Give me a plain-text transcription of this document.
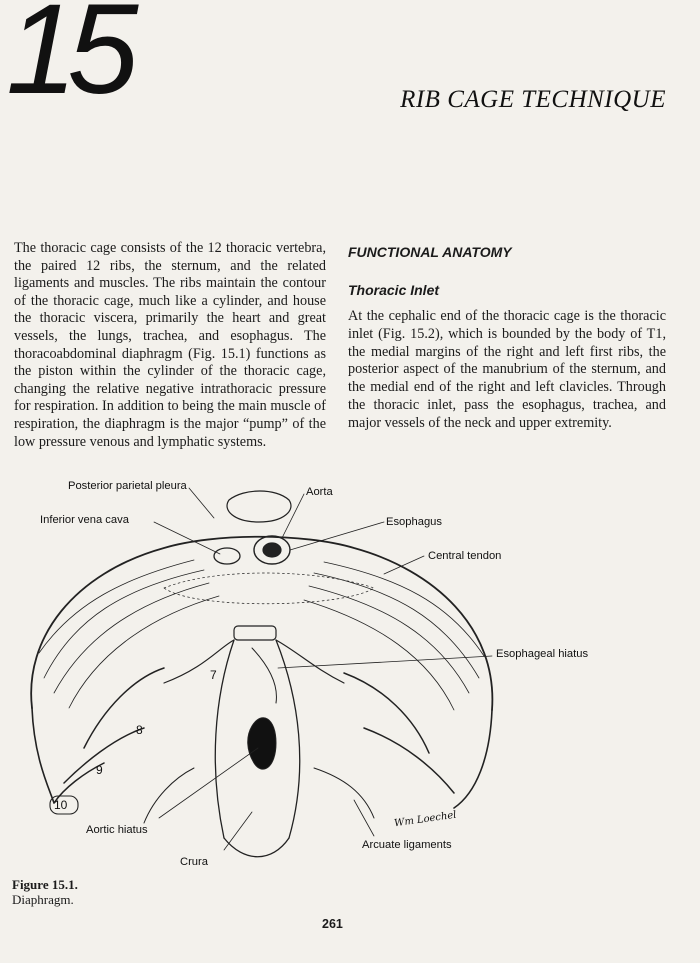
15	RIB CAGE TECHNIQUE
The thoracic cage consists of the 12 thoracic vertebra, the paired 12 ribs, the sternum, and the related ligaments and muscles. The ribs maintain the contour of the thoracic cage, much like a cylinder, and house the thoracic viscera, primarily the heart and great vessels, the lungs, trachea, and esophagus. The thoracoabdominal diaphragm (Fig. 15.1) functions as the piston within the cylinder of the thoracic cage, changing the relative negative intrathoracic pressure for respiration. In addition to being the main muscle of respiration, the diaphragm is the major “pump” of the low pressure venous and lymphatic systems.
FUNCTIONAL ANATOMY
Thoracic Inlet

At the cephalic end of the thoracic cage is the thoracic inlet (Fig. 15.2), which is bounded by the body of T1, the medial margins of the right and left first ribs, the posterior aspect of the manubrium of the sternum, and the medial end of the right and left clavicles. Through the thoracic inlet, pass the esophagus, trachea, and major vessels of the neck and upper extremity.

Posterior parietal pleura	Aorta
Inferior vena cava	Esophagus
Central tendon
Aortic hiatus
Crura
Arcuate ligaments
7
8
9
10
Wm Loechel
Esophageal hiatus
Figure 15.1.
Diaphragm.
261
